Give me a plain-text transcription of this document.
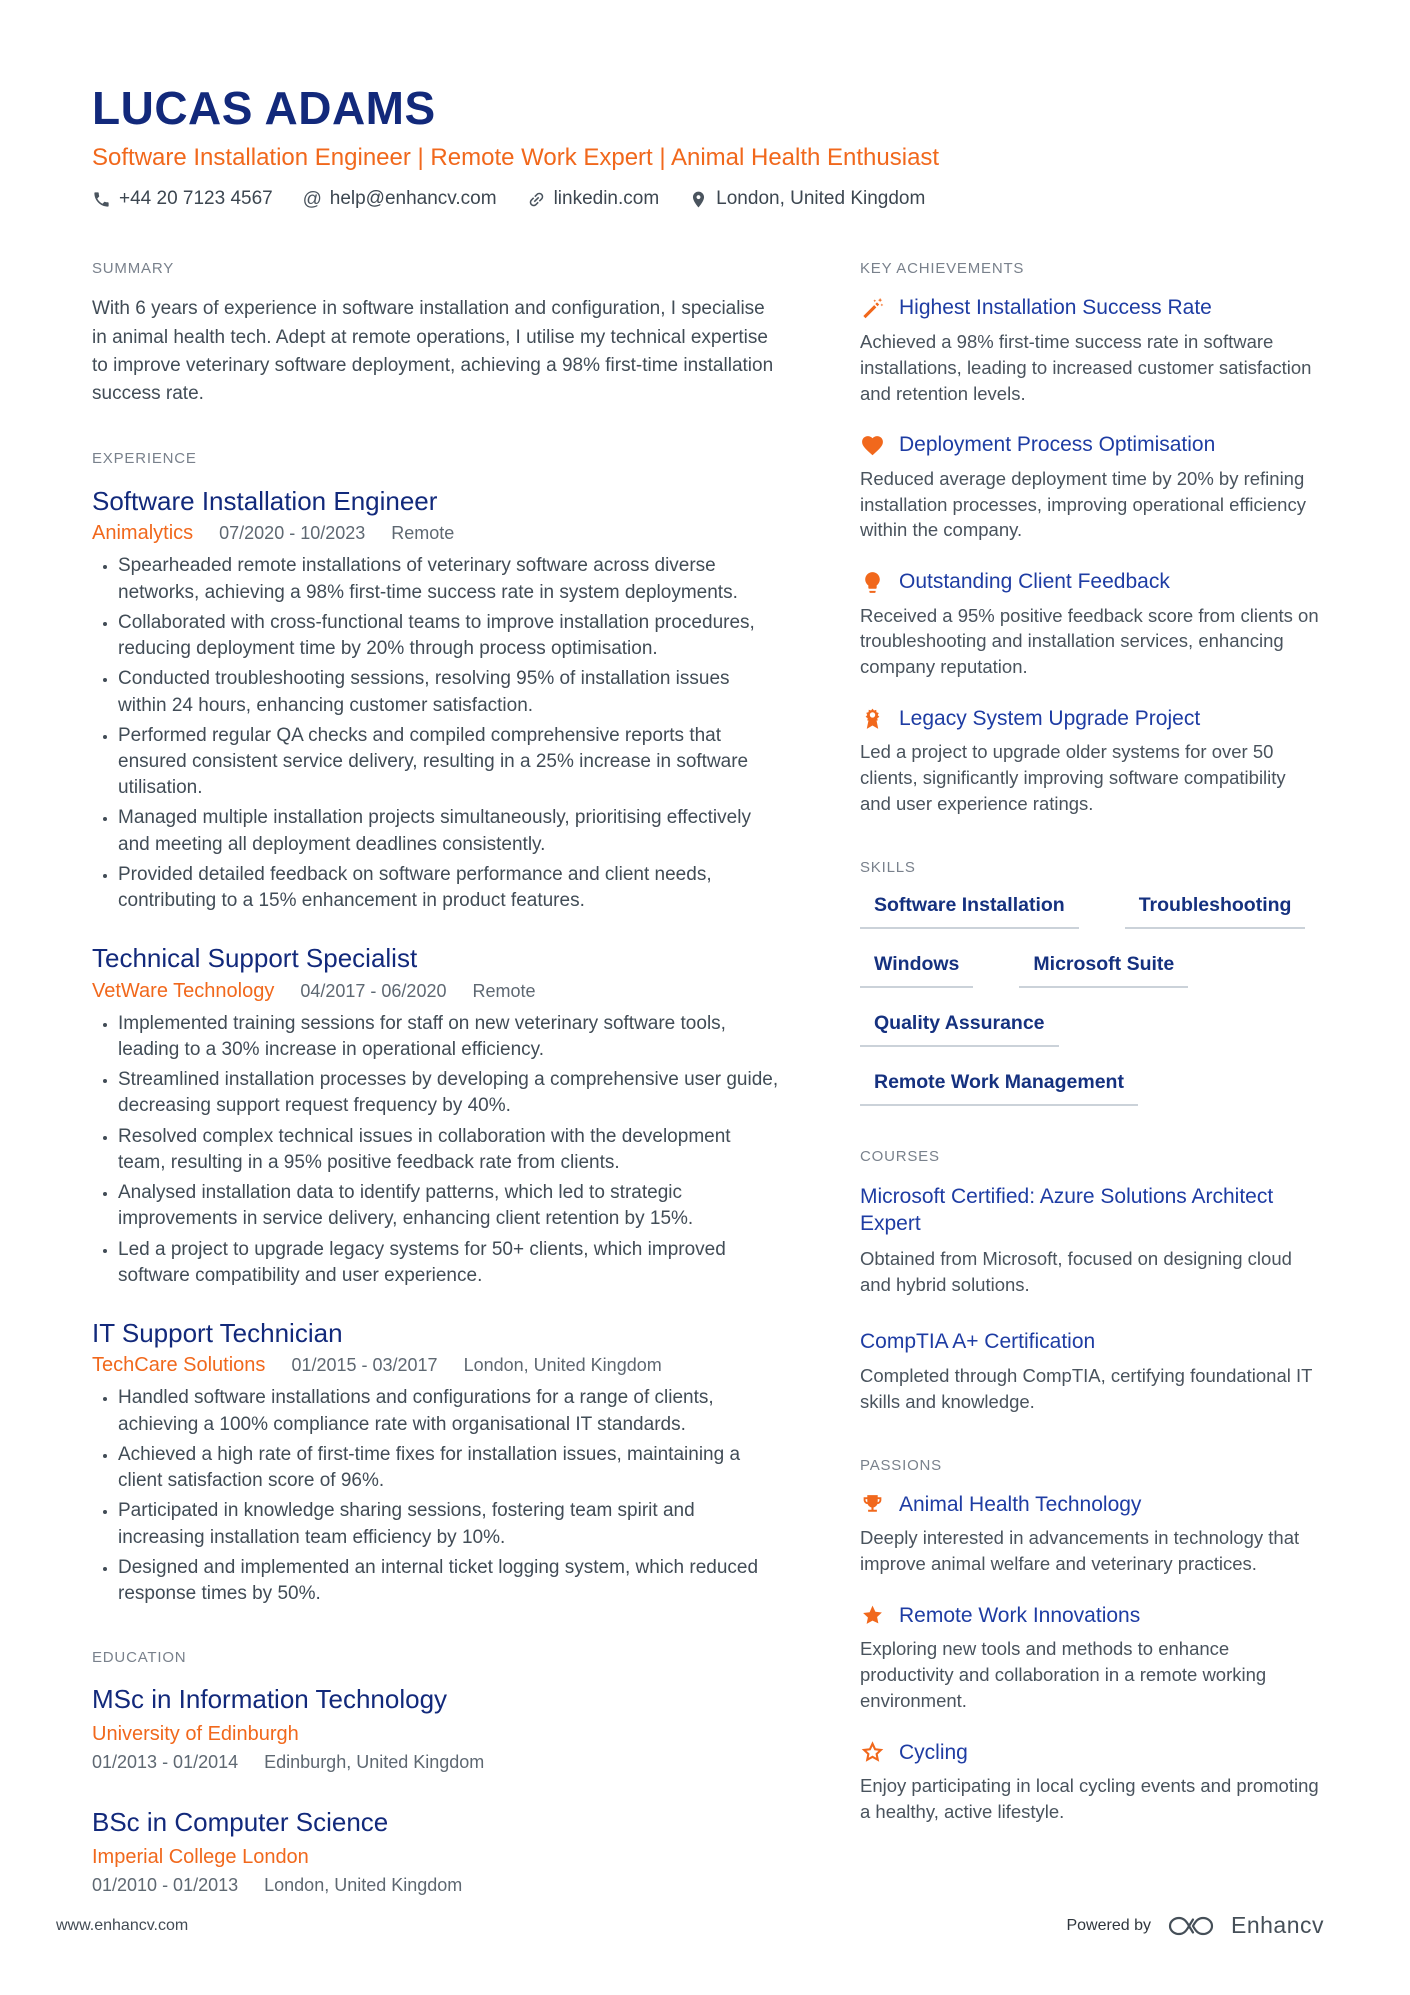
LUCAS ADAMS
Software Installation Engineer | Remote Work Expert | Animal Health Enthusiast
+44 20 7123 4567 @ help@enhancv.com	linkedin.com	London, United Kingdom
SUMMARY

With 6 years of experience in software installation and configuration, I specialise in animal health tech. Adept at remote operations, I utilise my technical expertise to improve veterinary software deployment, achieving a 98% first-time installation success rate.

EXPERIENCE
Software Installation Engineer
Animalytics 07/2020 - 10/2023 Remote
• Spearheaded remote installations of veterinary software across diverse networks, achieving a 98% first-time success rate in system deployments.
• Collaborated with cross-functional teams to improve installation procedures, reducing deployment time by 20% through process optimisation.
• Conducted troubleshooting sessions, resolving 95% of installation issues within 24 hours, enhancing customer satisfaction.
• Performed regular QA checks and compiled comprehensive reports that ensured consistent service delivery, resulting in a 25% increase in software utilisation.
• Managed multiple installation projects simultaneously, prioritising effectively and meeting all deployment deadlines consistently.
• Provided detailed feedback on software performance and client needs, contributing to a 15% enhancement in product features.
Technical Support Specialist
VetWare Technology 04/2017 - 06/2020 Remote
• Implemented training sessions for staff on new veterinary software tools, leading to a 30% increase in operational efficiency.
• Streamlined installation processes by developing a comprehensive user guide, decreasing support request frequency by 40%.
• Resolved complex technical issues in collaboration with the development team, resulting in a 95% positive feedback rate from clients.
• Analysed installation data to identify patterns, which led to strategic improvements in service delivery, enhancing client retention by 15%.
• Led a project to upgrade legacy systems for 50+ clients, which improved software compatibility and user experience.
IT Support Technician
TechCare Solutions 01/2015 - 03/2017 London, United Kingdom
• Handled software installations and configurations for a range of clients, achieving a 100% compliance rate with organisational IT standards.
• Achieved a high rate of first-time fixes for installation issues, maintaining a client satisfaction score of 96%.
• Participated in knowledge sharing sessions, fostering team spirit and increasing installation team efficiency by 10%.
• Designed and implemented an internal ticket logging system, which reduced response times by 50%.
EDUCATION
MSc in Information Technology
University of Edinburgh
01/2013 - 01/2014 Edinburgh, United Kingdom
BSc in Computer Science
Imperial College London
01/2010 - 01/2013 London, United Kingdom
KEY ACHIEVEMENTS
Highest Installation Success Rate

Achieved a 98% first-time success rate in software installations, leading to increased customer satisfaction and retention levels.

Deployment Process Optimisation

Reduced average deployment time by 20% by refining installation processes, improving operational efficiency within the company.

Outstanding Client Feedback

Received a 95% positive feedback score from clients on troubleshooting and installation services, enhancing company reputation.

Legacy System Upgrade Project

Led a project to upgrade older systems for over 50 clients, significantly improving software compatibility and user experience ratings.

SKILLS
Software Installation	Troubleshooting
Windows	Microsoft Suite
Quality Assurance
Remote Work Management
COURSES
Microsoft Certified: Azure Solutions Architect Expert

Obtained from Microsoft, focused on designing cloud and hybrid solutions.

CompTIA A+ Certification

Completed through CompTIA, certifying foundational IT skills and knowledge.

PASSIONS
Animal Health Technology

Deeply interested in advancements in technology that improve animal welfare and veterinary practices.

Remote Work Innovations

Exploring new tools and methods to enhance productivity and collaboration in a remote working environment.

Cycling

Enjoy participating in local cycling events and promoting a healthy, active lifestyle.

www.enhancv.com	Powered by	Enhancv
